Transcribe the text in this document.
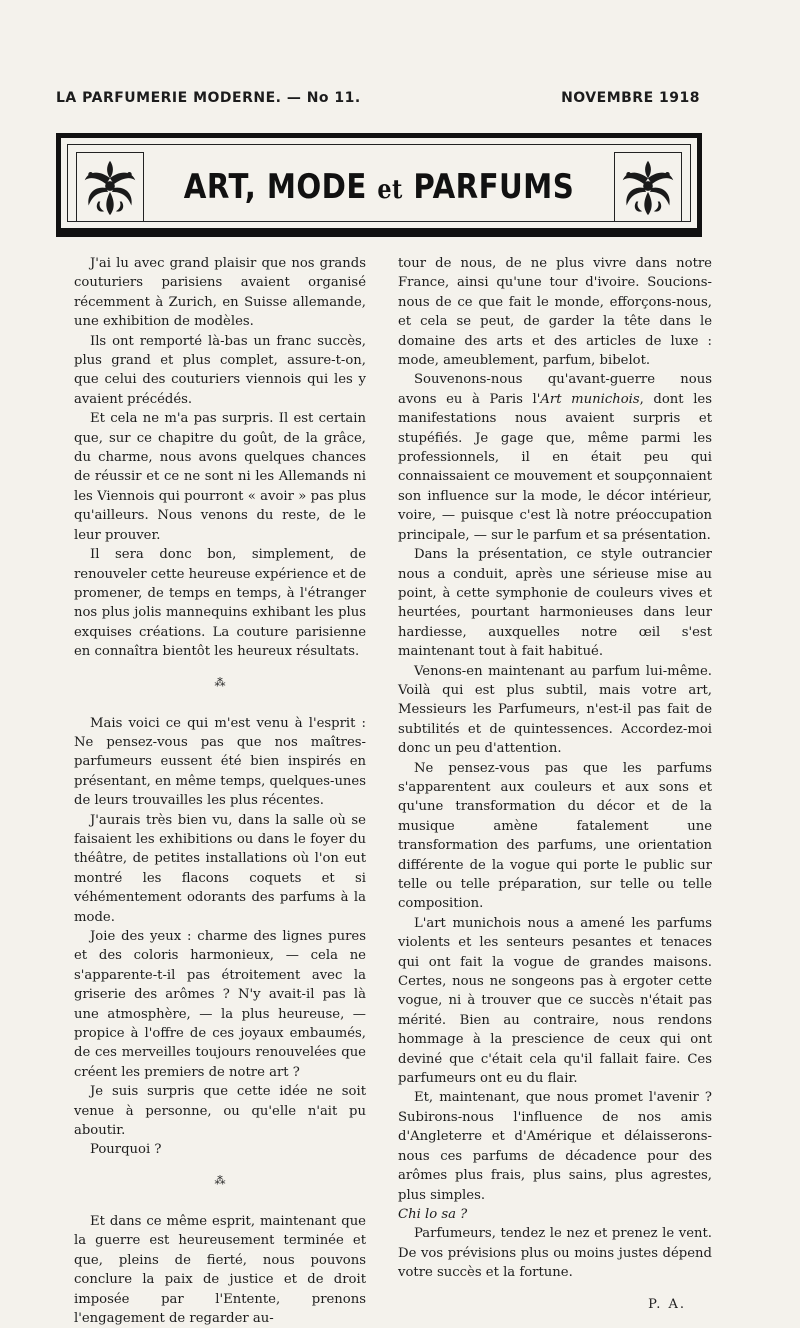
LA PARFUMERIE MODERNE. — No 11.	NOVEMBRE 1918
ART, MODE et PARFUMS

J'ai lu avec grand plaisir que nos grands couturiers parisiens avaient organisé récemment à Zurich, en Suisse allemande, une exhibition de modèles.

Ils ont remporté là-bas un franc succès, plus grand et plus complet, assure-t-on, que celui des couturiers viennois qui les y avaient précédés.

Et cela ne m'a pas surpris. Il est certain que, sur ce chapitre du goût, de la grâce, du charme, nous avons quelques chances de réussir et ce ne sont ni les Allemands ni les Viennois qui pourront « avoir » pas plus qu'ailleurs. Nous venons du reste, de le leur prouver.

Il sera donc bon, simplement, de renouveler cette heureuse expérience et de promener, de temps en temps, à l'étranger nos plus jolis mannequins exhibant les plus exquises créations. La couture parisienne en connaîtra bientôt les heureux résultats.

⁂

Mais voici ce qui m'est venu à l'esprit : Ne pensez-vous pas que nos maîtres-parfumeurs eussent été bien inspirés en présentant, en même temps, quelques-unes de leurs trouvailles les plus récentes.

J'aurais très bien vu, dans la salle où se faisaient les exhibitions ou dans le foyer du théâtre, de petites installations où l'on eut montré les flacons coquets et si véhémentement odorants des parfums à la mode.

Joie des yeux : charme des lignes pures et des coloris harmonieux, — cela ne s'apparente-t-il pas étroitement avec la griserie des arômes ? N'y avait-il pas là une atmosphère, — la plus heureuse, — propice à l'offre de ces joyaux embaumés, de ces merveilles toujours renouvelées que créent les premiers de notre art ?

Je suis surpris que cette idée ne soit venue à personne, ou qu'elle n'ait pu aboutir.

Pourquoi ?

⁂

Et dans ce même esprit, maintenant que la guerre est heureusement terminée et que, pleins de fierté, nous pouvons conclure la paix de justice et de droit imposée par l'Entente, prenons l'engagement de regarder au-

tour de nous, de ne plus vivre dans notre France, ainsi qu'une tour d'ivoire. Soucions-nous de ce que fait le monde, efforçons-nous, et cela se peut, de garder la tête dans le domaine des arts et des articles de luxe : mode, ameublement, parfum, bibelot.

Souvenons-nous qu'avant-guerre nous avons eu à Paris l'Art munichois, dont les manifestations nous avaient surpris et stupéfiés. Je gage que, même parmi les professionnels, il en était peu qui connaissaient ce mouvement et soupçonnaient son influence sur la mode, le décor intérieur, voire, — puisque c'est là notre préoccupation principale, — sur le parfum et sa présentation.

Dans la présentation, ce style outrancier nous a conduit, après une sérieuse mise au point, à cette symphonie de couleurs vives et heurtées, pourtant harmonieuses dans leur hardiesse, auxquelles notre œil s'est maintenant tout à fait habitué.

Venons-en maintenant au parfum lui-même. Voilà qui est plus subtil, mais votre art, Messieurs les Parfumeurs, n'est-il pas fait de subtilités et de quintessences. Accordez-moi donc un peu d'attention.

Ne pensez-vous pas que les parfums s'apparentent aux couleurs et aux sons et qu'une transformation du décor et de la musique amène fatalement une transformation des parfums, une orientation différente de la vogue qui porte le public sur telle ou telle préparation, sur telle ou telle composition.

L'art munichois nous a amené les parfums violents et les senteurs pesantes et tenaces qui ont fait la vogue de grandes maisons. Certes, nous ne songeons pas à ergoter cette vogue, ni à trouver que ce succès n'était pas mérité. Bien au contraire, nous rendons hommage à la prescience de ceux qui ont deviné que c'était cela qu'il fallait faire. Ces parfumeurs ont eu du flair.

Et, maintenant, que nous promet l'avenir ? Subirons-nous l'influence de nos amis d'Angleterre et d'Amérique et délaisserons-nous ces parfums de décadence pour des arômes plus frais, plus sains, plus agrestes, plus simples.

Chi lo sa ?

Parfumeurs, tendez le nez et prenez le vent. De vos prévisions plus ou moins justes dépend votre succès et la fortune.

P. A.
